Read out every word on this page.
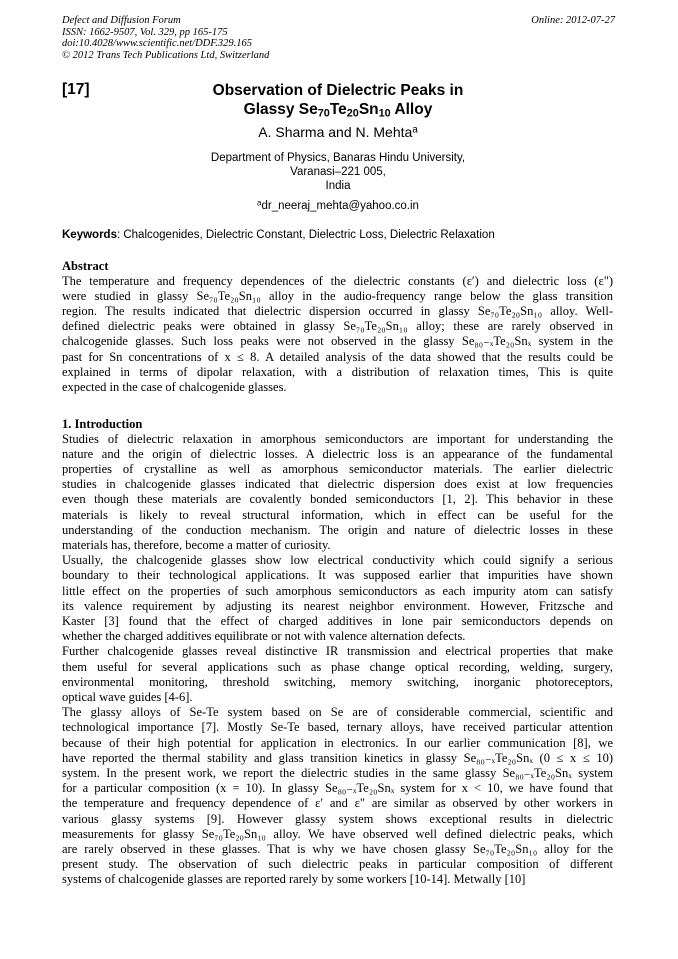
Defect and Diffusion Forum
ISSN: 1662-9507, Vol. 329, pp 165-175
doi:10.4028/www.scientific.net/DDF.329.165
© 2012 Trans Tech Publications Ltd, Switzerland
Online: 2012-07-27
[17]	Observation of Dielectric Peaks in
Glassy $Se_{70}Te_{20}Sn_{10}$ Alloy
A. Sharma and N. Mehta$^a$
Department of Physics, Banaras Hindu University,
Varanasi–221 005,
India
$^a$dr_neeraj_mehta@yahoo.co.in
Keywords: Chalcogenides, Dielectric Constant, Dielectric Loss, Dielectric Relaxation
Abstract
The temperature and frequency dependences of the dielectric constants (ε′) and dielectric loss (ε")
were studied in glassy Se₇₀Te₂₀Sn₁₀ alloy in the audio-frequency range below the glass transition
region. The results indicated that dielectric dispersion occurred in glassy Se₇₀Te₂₀Sn₁₀ alloy. Well-
defined dielectric peaks were obtained in glassy Se₇₀Te₂₀Sn₁₀ alloy; these are rarely observed in
chalcogenide glasses. Such loss peaks were not observed in the glassy Se₈₀₋ₓTe₂₀Snₓ system in the
past for Sn concentrations of x ≤ 8. A detailed analysis of the data showed that the results could be
explained in terms of dipolar relaxation, with a distribution of relaxation times, This is quite
expected in the case of chalcogenide glasses.
1. Introduction
Studies of dielectric relaxation in amorphous semiconductors are important for understanding the
nature and the origin of dielectric losses. A dielectric loss is an appearance of the fundamental
properties of crystalline as well as amorphous semiconductor materials. The earlier dielectric
studies in chalcogenide glasses indicated that dielectric dispersion does exist at low frequencies
even though these materials are covalently bonded semiconductors [1, 2]. This behavior in these
materials is likely to reveal structural information, which in effect can be useful for the
understanding of the conduction mechanism. The origin and nature of dielectric losses in these
materials has, therefore, become a matter of curiosity.
Usually, the chalcogenide glasses show low electrical conductivity which could signify a serious
boundary to their technological applications. It was supposed earlier that impurities have shown
little effect on the properties of such amorphous semiconductors as each impurity atom can satisfy
its valence requirement by adjusting its nearest neighbor environment. However, Fritzsche and
Kaster [3] found that the effect of charged additives in lone pair semiconductors depends on
whether the charged additives equilibrate or not with valence alternation defects.
Further chalcogenide glasses reveal distinctive IR transmission and electrical properties that make
them useful for several applications such as phase change optical recording, welding, surgery,
environmental monitoring, threshold switching, memory switching, inorganic photoreceptors,
optical wave guides [4-6].
The glassy alloys of Se-Te system based on Se are of considerable commercial, scientific and
technological importance [7]. Mostly Se-Te based, ternary alloys, have received particular attention
because of their high potential for application in electronics. In our earlier communication [8], we
have reported the thermal stability and glass transition kinetics in glassy Se₈₀₋ₓTe₂₀Snₓ (0 ≤ x ≤ 10)
system. In the present work, we report the dielectric studies in the same glassy Se₈₀₋ₓTe₂₀Snₓ system
for a particular composition (x = 10). In glassy Se₈₀₋ₓTe₂₀Snₓ system for x < 10, we have found that
the temperature and frequency dependence of ε′ and ε" are similar as observed by other workers in
various glassy systems [9]. However glassy system shows exceptional results in dielectric
measurements for glassy Se₇₀Te₂₀Sn₁₀ alloy. We have observed well defined dielectric peaks, which
are rarely observed in these glasses. That is why we have chosen glassy Se₇₀Te₂₀Sn₁₀ alloy for the
present study. The observation of such dielectric peaks in particular composition of different
systems of chalcogenide glasses are reported rarely by some workers [10-14]. Metwally [10]
